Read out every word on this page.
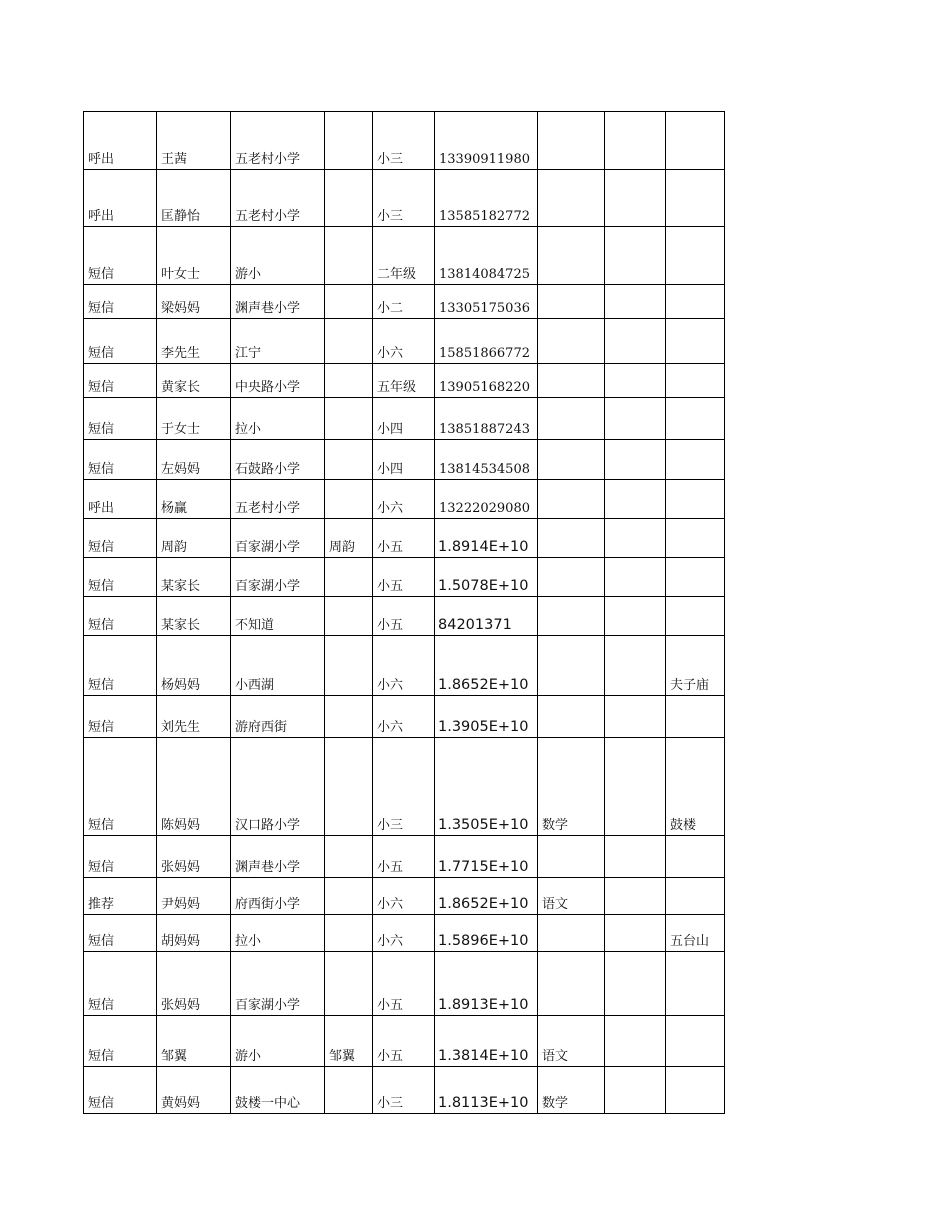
呼出	王茜	五老村小学		小三	13390911980			
呼出	匡静怡	五老村小学		小三	13585182772			
短信	叶女士	游小		二年级	13814084725			
短信	梁妈妈	渊声巷小学		小二	13305175036			
短信	李先生	江宁		小六	15851866772			
短信	黄家长	中央路小学		五年级	13905168220			
短信	于女士	拉小		小四	13851887243			
短信	左妈妈	石鼓路小学		小四	13814534508			
呼出	杨赢	五老村小学		小六	13222029080			
短信	周韵	百家湖小学	周韵	小五	1.8914E+10			
短信	某家长	百家湖小学		小五	1.5078E+10			
短信	某家长	不知道		小五	84201371			
短信	杨妈妈	小西湖		小六	1.8652E+10			夫子庙
短信	刘先生	游府西街		小六	1.3905E+10			
短信	陈妈妈	汉口路小学		小三	1.3505E+10	数学		鼓楼
短信	张妈妈	渊声巷小学		小五	1.7715E+10			
推荐	尹妈妈	府西街小学		小六	1.8652E+10	语文		
短信	胡妈妈	拉小		小六	1.5896E+10			五台山
短信	张妈妈	百家湖小学		小五	1.8913E+10			
短信	邹翼	游小	邹翼	小五	1.3814E+10	语文		
短信	黄妈妈	鼓楼一中心		小三	1.8113E+10	数学		
